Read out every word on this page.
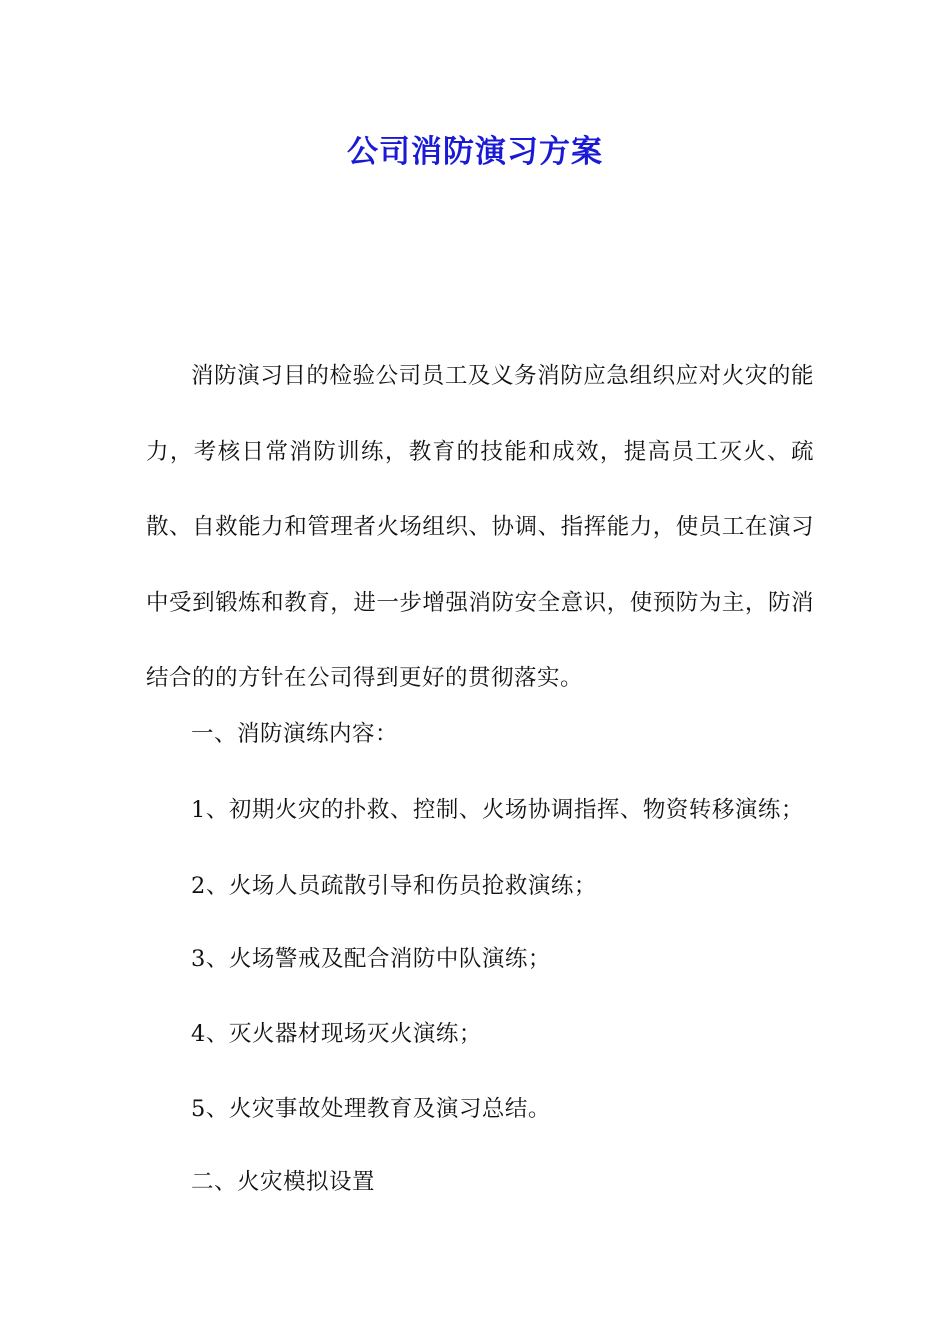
公司消防演习方案

消防演习目的检验公司员工及义务消防应急组织应对火灾的能力，考核日常消防训练，教育的技能和成效，提高员工灭火、疏散、自救能力和管理者火场组织、协调、指挥能力，使员工在演习中受到锻炼和教育，进一步增强消防安全意识，使预防为主，防消结合的的方针在公司得到更好的贯彻落实。

一、消防演练内容：

1、初期火灾的扑救、控制、火场协调指挥、物资转移演练；

2、火场人员疏散引导和伤员抢救演练；

3、火场警戒及配合消防中队演练；

4、灭火器材现场灭火演练；

5、火灾事故处理教育及演习总结。

二、火灾模拟设置
